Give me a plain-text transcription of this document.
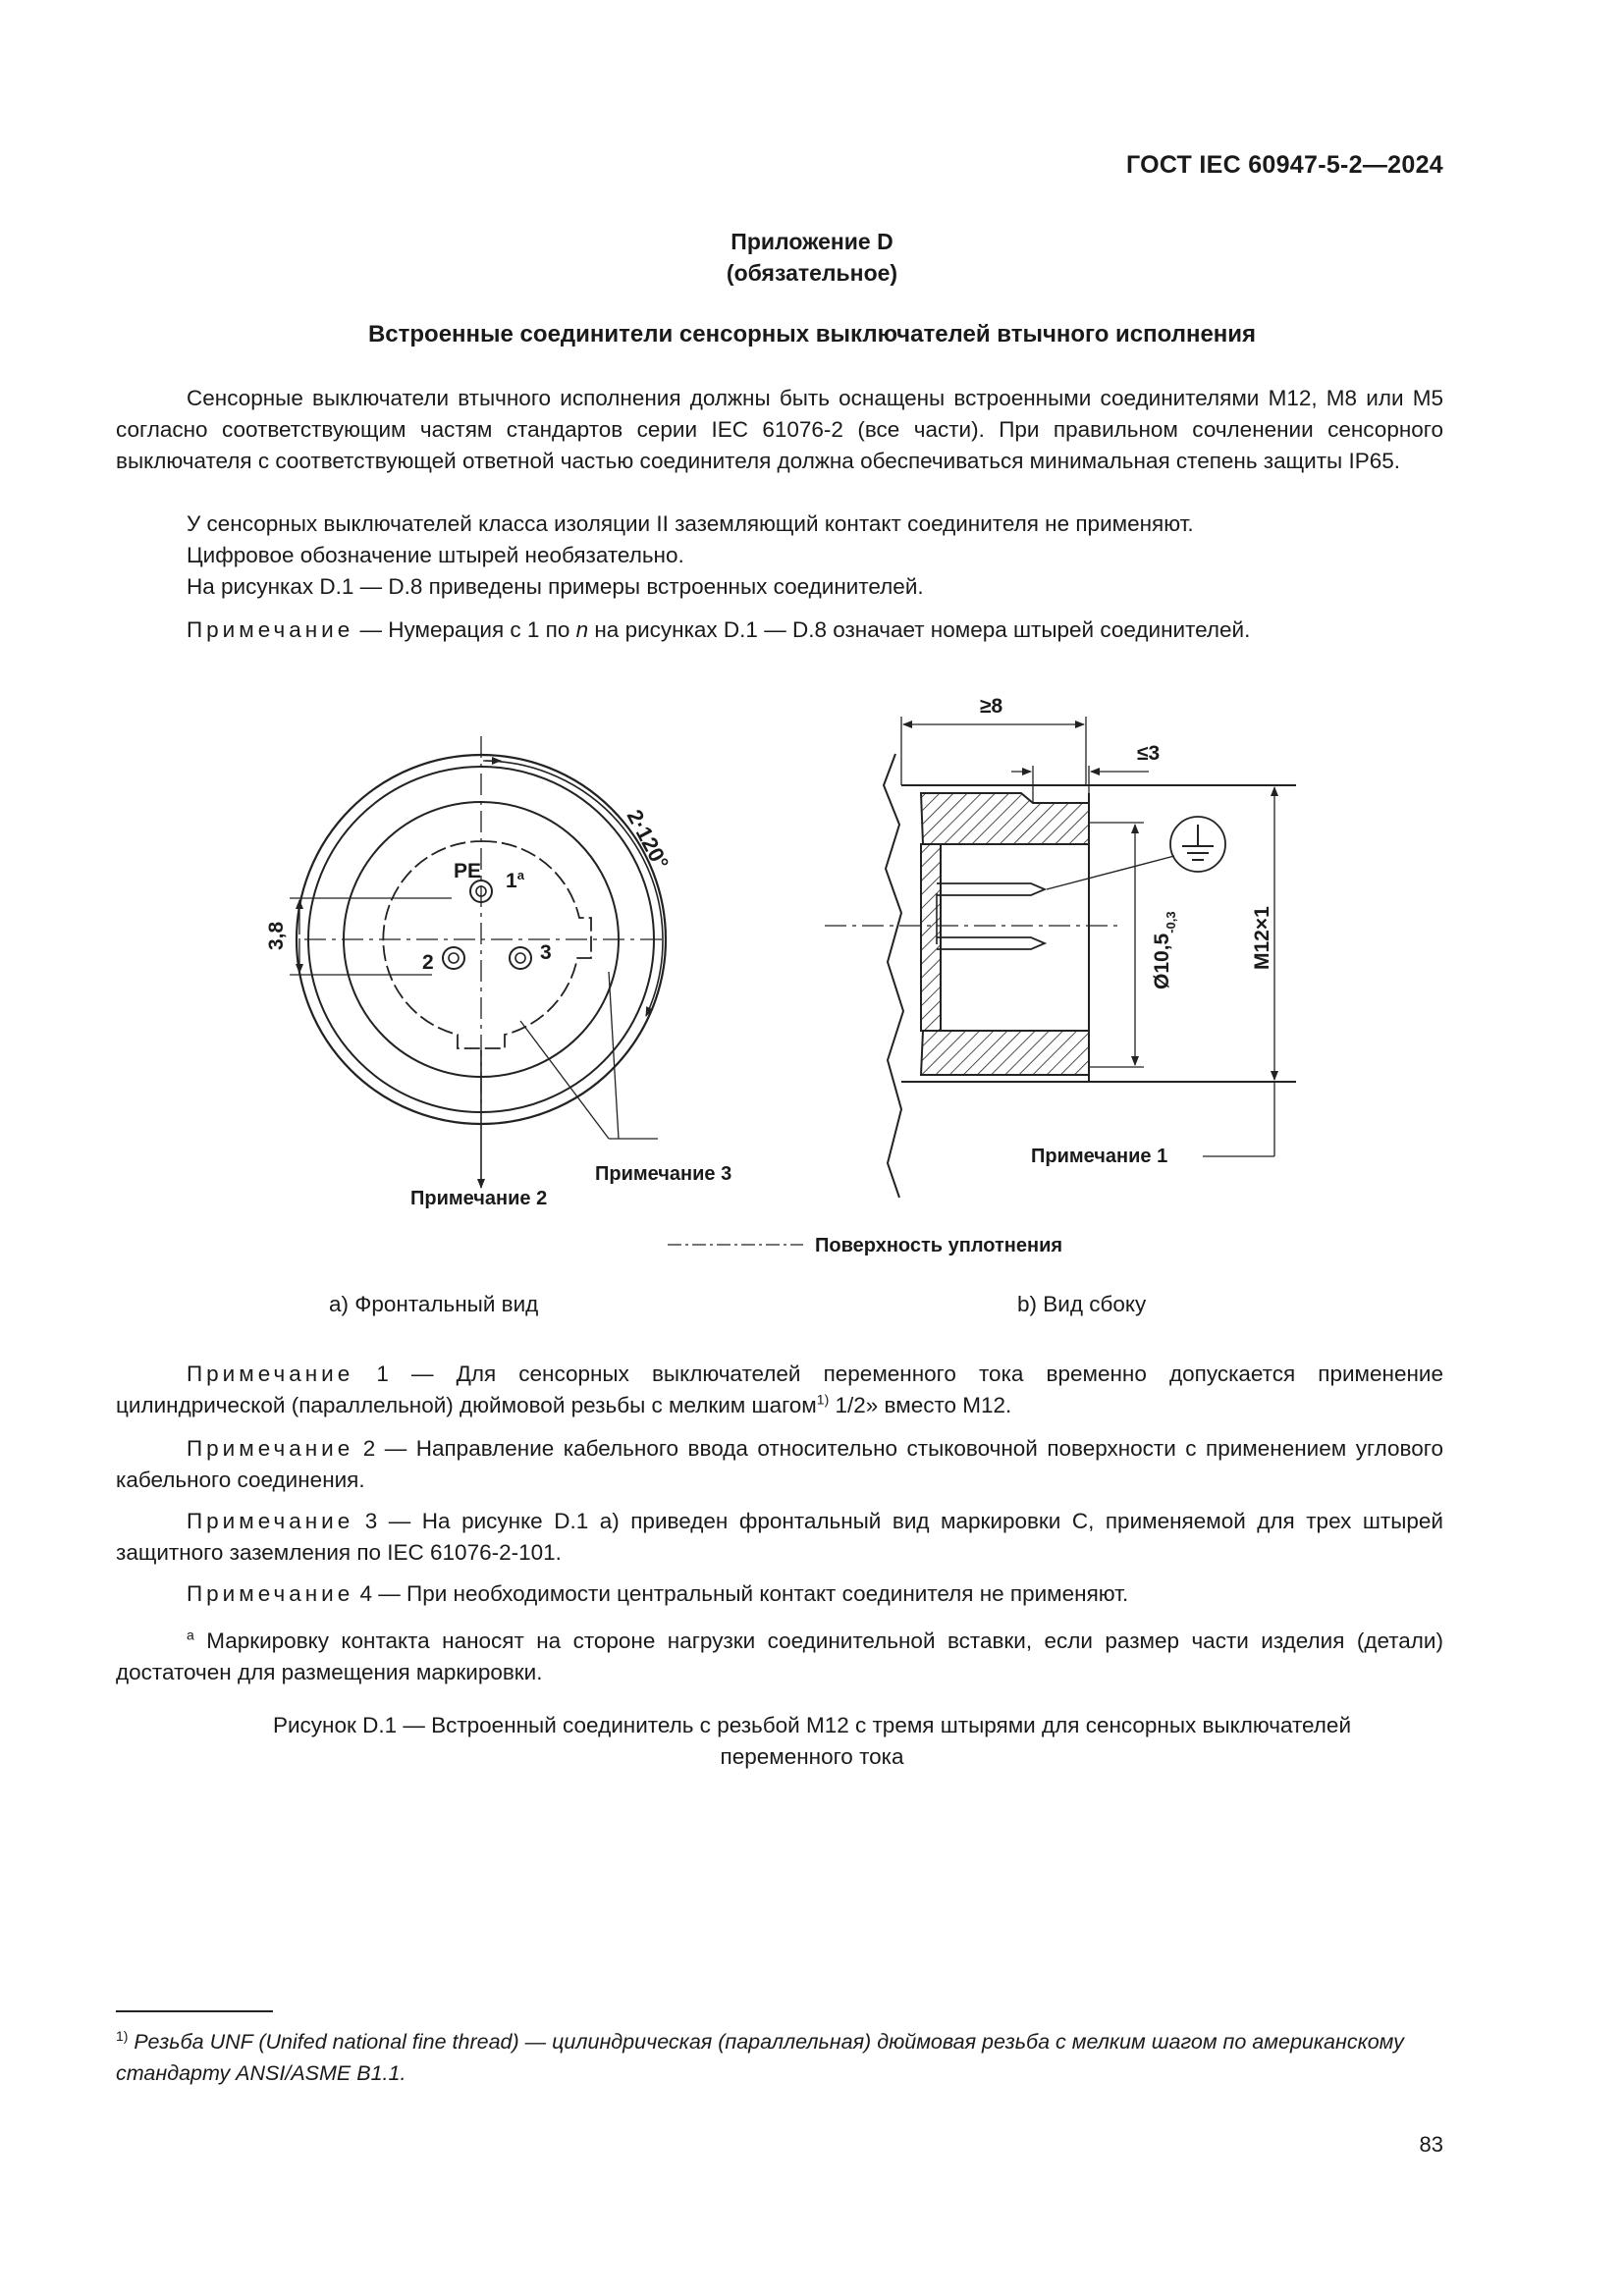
ГОСТ IEC 60947-5-2—2024
Приложение D
(обязательное)
Встроенные соединители сенсорных выключателей втычного исполнения

Сенсорные выключатели втычного исполнения должны быть оснащены встроенными соединителями M12, M8 или M5 согласно соответствующим частям стандартов серии IEC 61076-2 (все части). При правильном сочленении сенсорного выключателя с соответствующей ответной частью соединителя должна обеспечиваться минимальная степень защиты IP65.

У сенсорных выключателей класса изоляции II заземляющий контакт соединителя не применяют.

Цифровое обозначение штырей необязательно.

На рисунках D.1 — D.8 приведены примеры встроенных соединителей.

Примечание — Нумерация с 1 по n на рисунках D.1 — D.8 означает номера штырей соединителей.

PE 1$^a$
2	3
3,8
2·120°
Примечание 2
Примечание 3
≥8
≤3
$Ø10,5_{-0,3}$	M12×1
Примечание 1
Поверхность уплотнения
a) Фронтальный вид	b) Вид сбоку

Примечание 1 — Для сенсорных выключателей переменного тока временно допускается применение цилиндрической (параллельной) дюймовой резьбы с мелким шагом$^{1)}$ 1/2» вместо M12.

Примечание 2 — Направление кабельного ввода относительно стыковочной поверхности с применением углового кабельного соединения.

Примечание 3 — На рисунке D.1 a) приведен фронтальный вид маркировки C, применяемой для трех штырей защитного заземления по IEC 61076-2-101.

Примечание 4 — При необходимости центральный контакт соединителя не применяют.

$^a$ Маркировку контакта наносят на стороне нагрузки соединительной вставки, если размер части изделия (детали) достаточен для размещения маркировки.

Рисунок D.1 — Встроенный соединитель с резьбой M12 с тремя штырями для сенсорных выключателей
переменного тока
$^{1)}$ Резьба UNF (Unifed national fine thread) — цилиндрическая (параллельная) дюймовая резьба с мелким шагом по американскому стандарту ANSI/ASME B1.1.
83
